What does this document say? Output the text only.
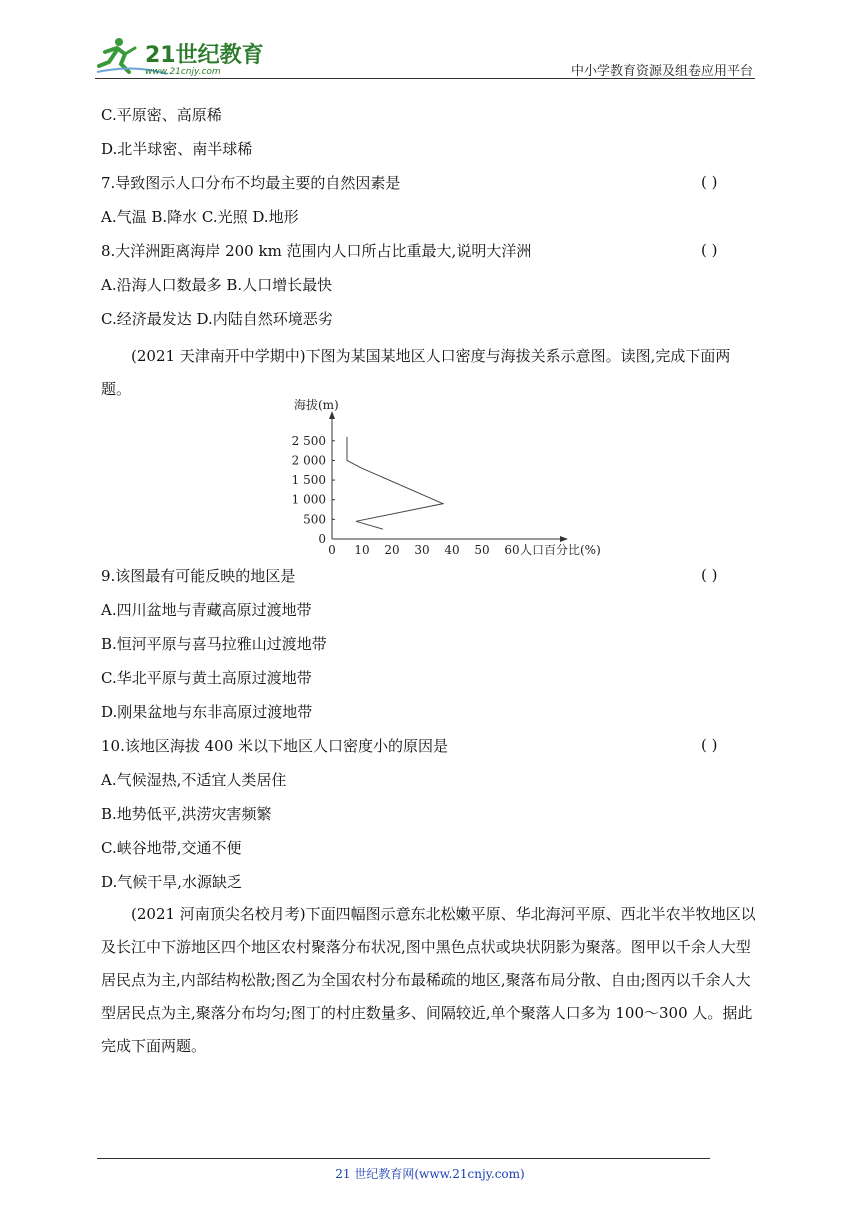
21世纪教育
www.21cnjy.com	中小学教育资源及组卷应用平台
C.平原密、高原稀
D.北半球密、南半球稀
7.导致图示人口分布不均最主要的自然因素是	( )
A.气温 B.降水 C.光照 D.地形
8.大洋洲距离海岸 200 km 范围内人口所占比重最大,说明大洋洲	( )
A.沿海人口数最多 B.人口增长最快
C.经济最发达 D.内陆自然环境恶劣
(2021 天津南开中学期中)下图为某国某地区人口密度与海拔关系示意图。读图,完成下面两题。
9.该图最有可能反映的地区是	( )
A.四川盆地与青藏高原过渡地带
B.恒河平原与喜马拉雅山过渡地带
C.华北平原与黄土高原过渡地带
D.刚果盆地与东非高原过渡地带
10.该地区海拔 400 米以下地区人口密度小的原因是	( )
A.气候湿热,不适宜人类居住
B.地势低平,洪涝灾害频繁
C.峡谷地带,交通不便
D.气候干旱,水源缺乏
(2021 河南顶尖名校月考)下面四幅图示意东北松嫩平原、华北海河平原、西北半农半牧地区以及长江中下游地区四个地区农村聚落分布状况,图中黑色点状或块状阴影为聚落。图甲以千余人大型居民点为主,内部结构松散;图乙为全国农村分布最稀疏的地区,聚落布局分散、自由;图丙以千余人大型居民点为主,聚落分布均匀;图丁的村庄数量多、间隔较近,单个聚落人口多为 100～300 人。据此完成下面两题。
0
500
1 000
1 500
2 000
2 500
0 10 20 30 40 50 60 人口百分比(%)
海拔(m)
21 世纪教育网(www.21cnjy.com)
